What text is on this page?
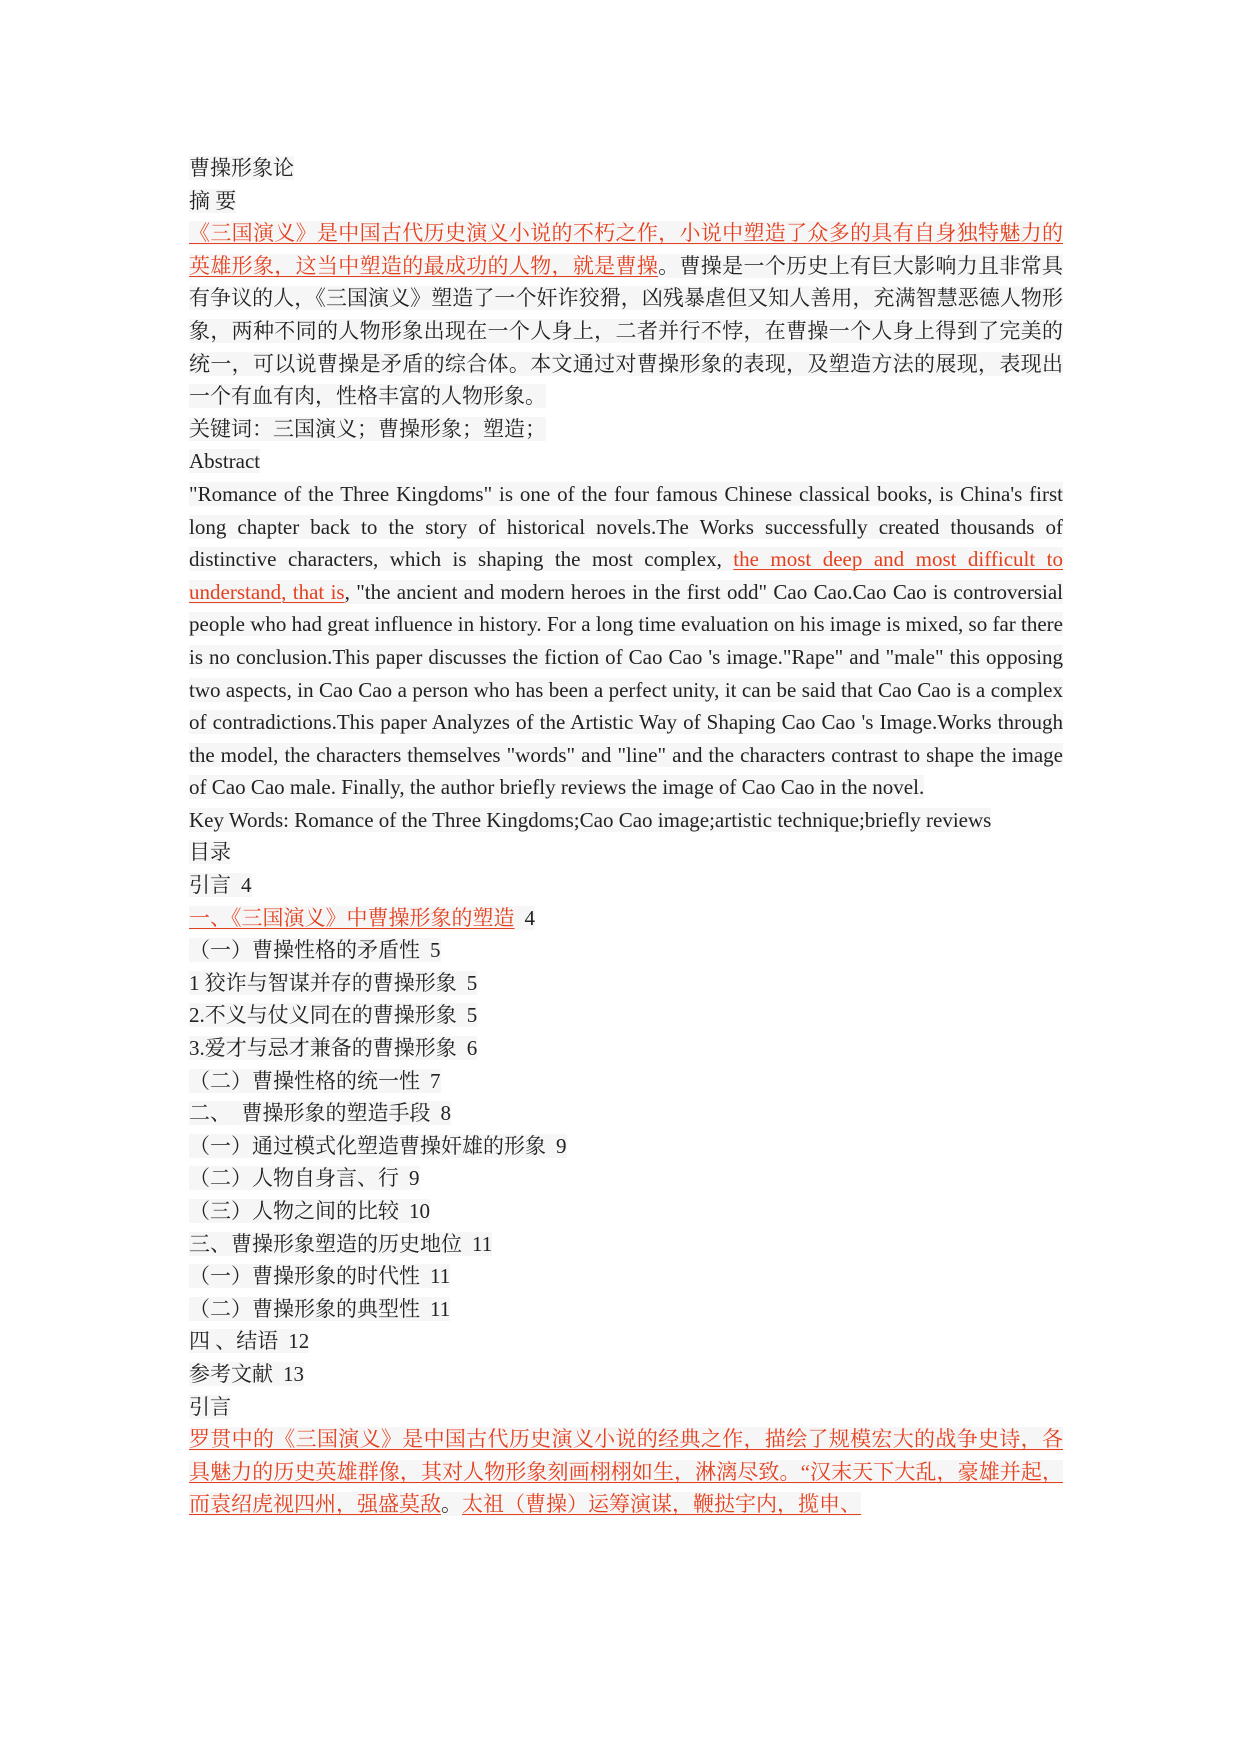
曹操形象论
摘 要
《三国演义》是中国古代历史演义小说的不朽之作，小说中塑造了众多的具有自身独特魅力的英雄形象，这当中塑造的最成功的人物，就是曹操。曹操是一个历史上有巨大影响力且非常具有争议的人，《三国演义》塑造了一个奸诈狡猾，凶残暴虐但又知人善用，充满智慧恶德人物形象，两种不同的人物形象出现在一个人身上，二者并行不悖，在曹操一个人身上得到了完美的统一，可以说曹操是矛盾的综合体。本文通过对曹操形象的表现，及塑造方法的展现，表现出一个有血有肉，性格丰富的人物形象。
关键词：三国演义；曹操形象；塑造；
Abstract
"Romance of the Three Kingdoms" is one of the four famous Chinese classical books, is China's first long chapter back to the story of historical novels.The Works successfully created thousands of distinctive characters, which is shaping the most complex, the most deep and most difficult to understand, that is, "the ancient and modern heroes in the first odd" Cao Cao.Cao Cao is controversial people who had great influence in history. For a long time evaluation on his image is mixed, so far there is no conclusion.This paper discusses the fiction of Cao Cao 's image."Rape" and "male" this opposing two aspects, in Cao Cao a person who has been a perfect unity, it can be said that Cao Cao is a complex of contradictions.This paper Analyzes of the Artistic Way of Shaping Cao Cao 's Image.Works through the model, the characters themselves "words" and "line" and the characters contrast to shape the image of Cao Cao male. Finally, the author briefly reviews the image of Cao Cao in the novel.
Key Words: Romance of the Three Kingdoms;Cao Cao image;artistic technique;briefly reviews
目录
引言 4
一、《三国演义》中曹操形象的塑造 4
（一）曹操性格的矛盾性 5
1 狡诈与智谋并存的曹操形象 5
2.不义与仗义同在的曹操形象 5
3.爱才与忌才兼备的曹操形象 6
（二）曹操性格的统一性 7
二、　曹操形象的塑造手段 8
（一）通过模式化塑造曹操奸雄的形象 9
（二）人物自身言、行 9
（三）人物之间的比较 10
三、曹操形象塑造的历史地位 11
（一）曹操形象的时代性 11
（二）曹操形象的典型性 11
四 、结语 12
参考文献 13
引言
罗贯中的《三国演义》是中国古代历史演义小说的经典之作，描绘了规模宏大的战争史诗，各具魅力的历史英雄群像，其对人物形象刻画栩栩如生，淋漓尽致。“汉末天下大乱，豪雄并起，而袁绍虎视四州，强盛莫敌。太祖（曹操）运筹演谋，鞭挞宇内，揽申、
